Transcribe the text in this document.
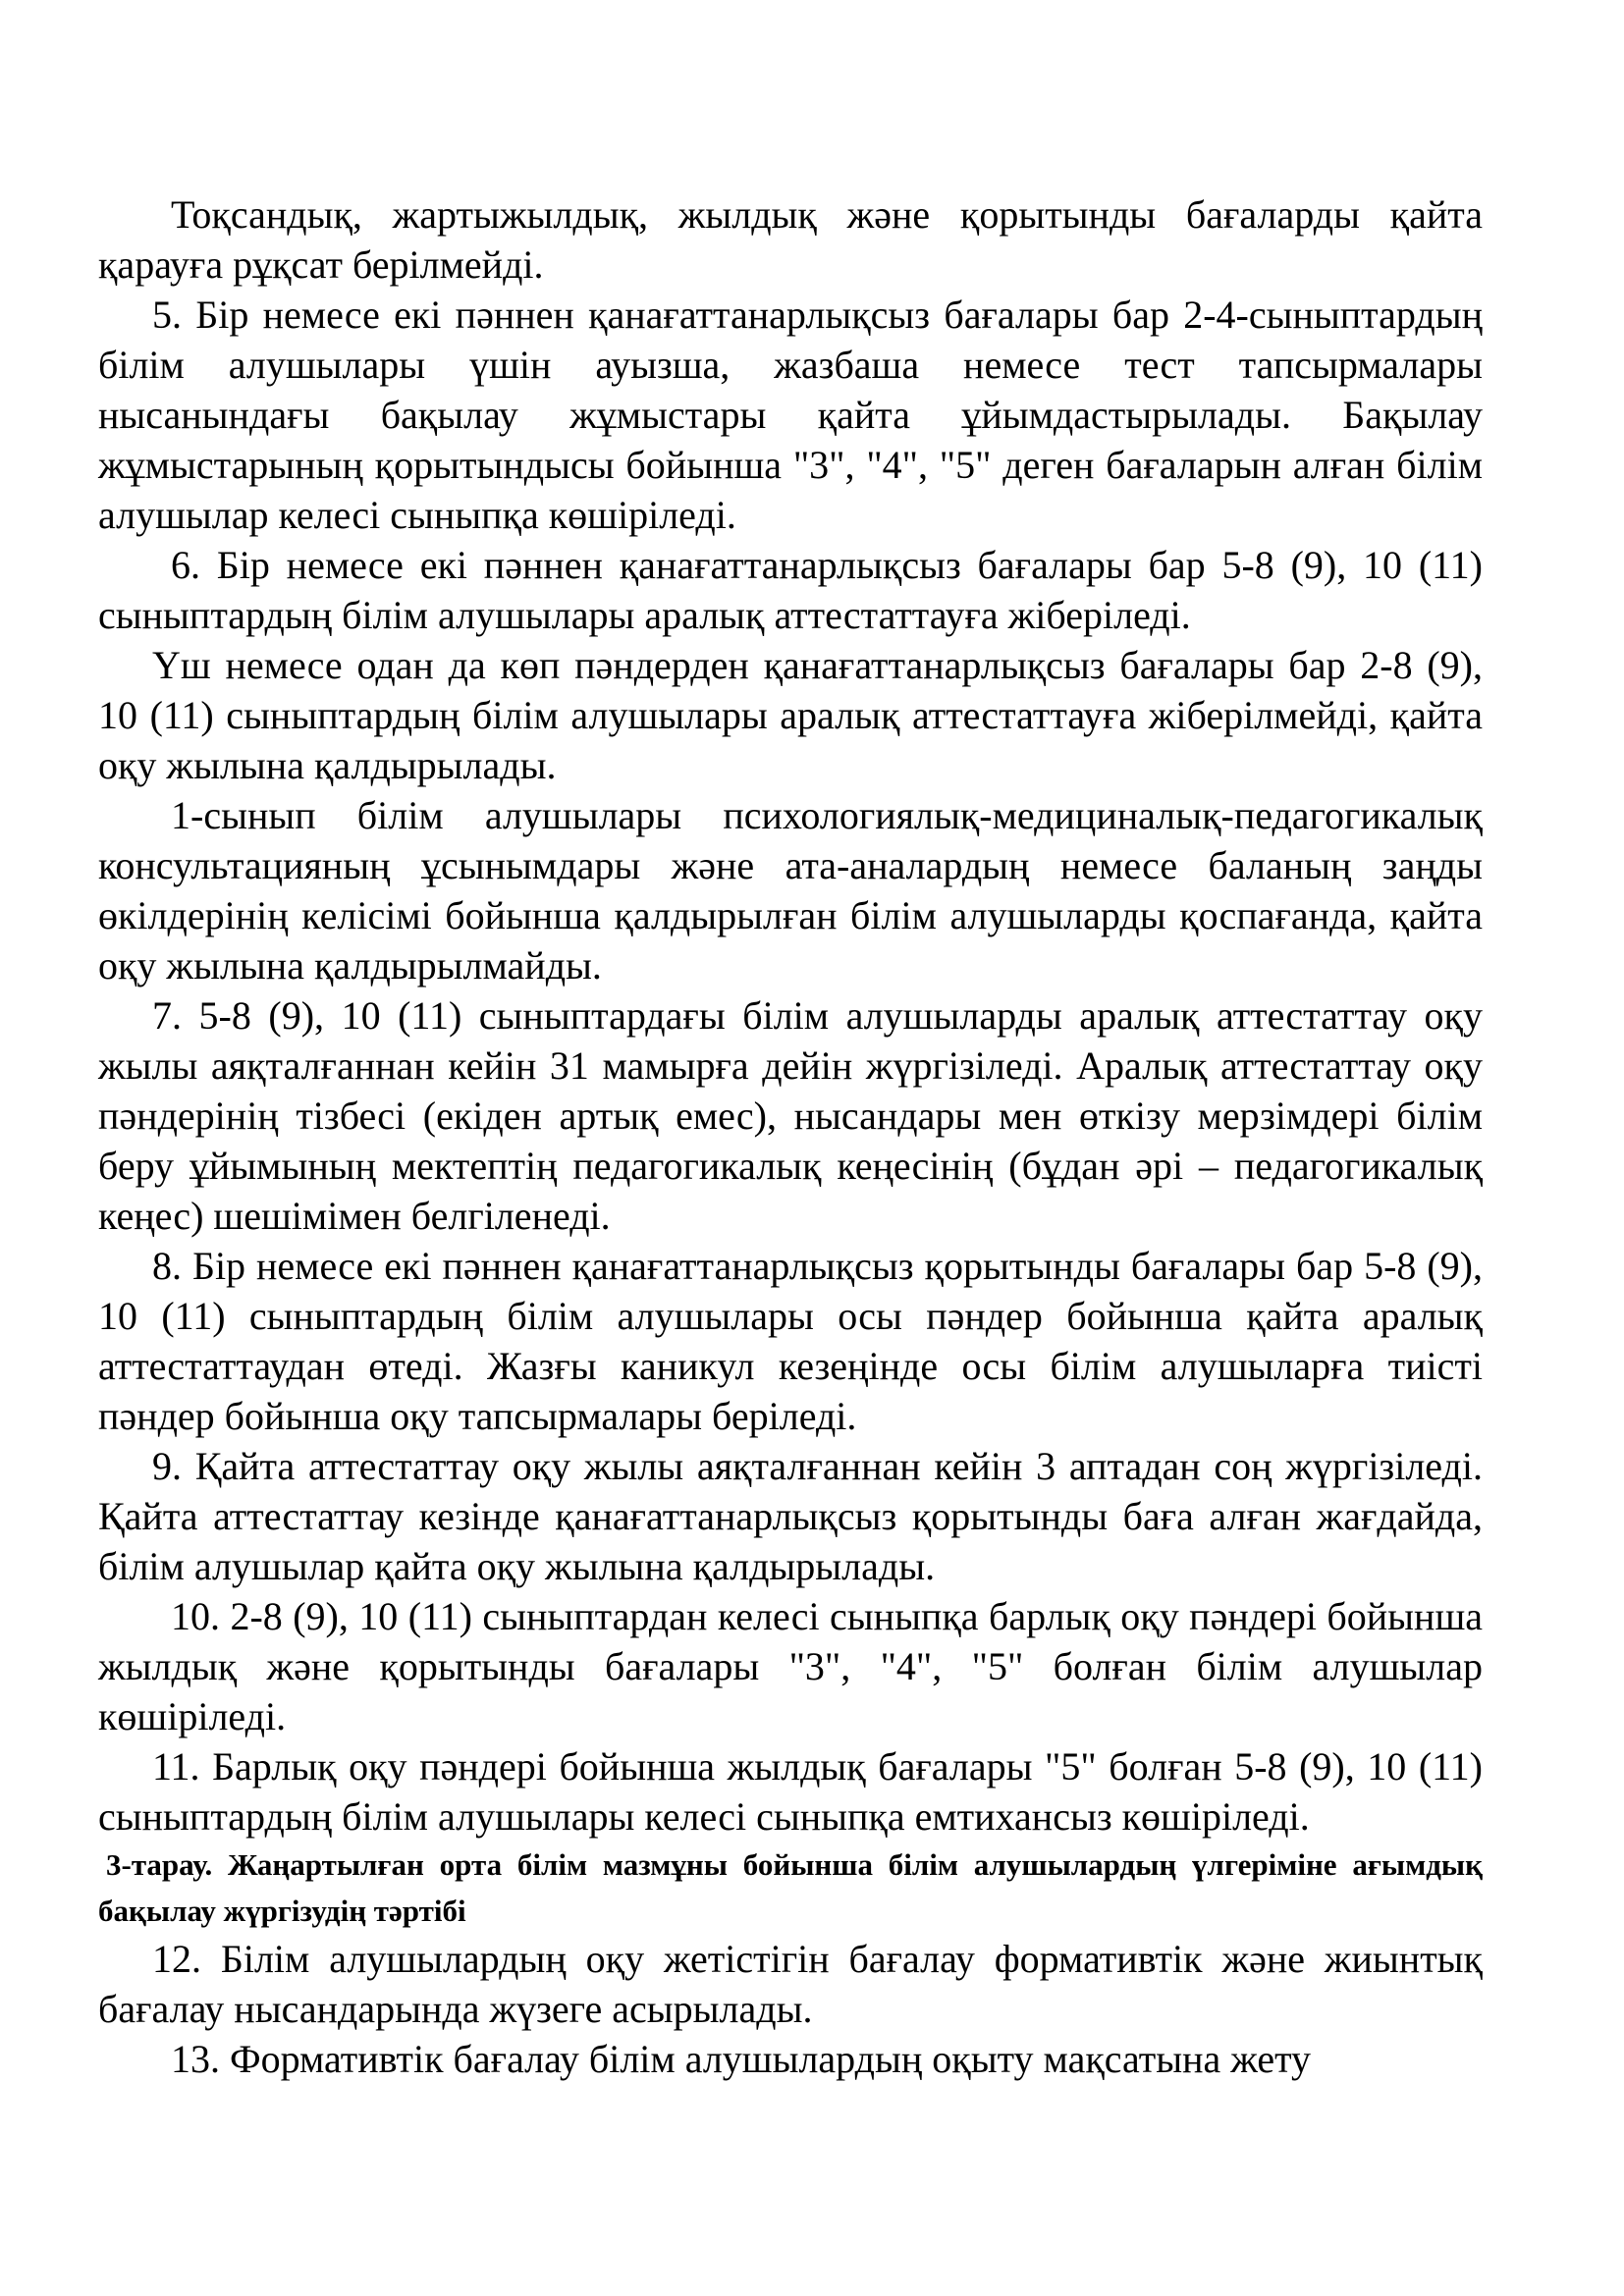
Тоқсандық, жартыжылдық, жылдық және қорытынды бағаларды қайта қарауға рұқсат берілмейді.

5. Бір немесе екі пәннен қанағаттанарлықсыз бағалары бар 2-4-сыныптардың білім алушылары үшін ауызша, жазбаша немесе тест тапсырмалары нысанындағы бақылау жұмыстары қайта ұйымдастырылады. Бақылау жұмыстарының қорытындысы бойынша "3", "4", "5" деген бағаларын алған білім алушылар келесі сыныпқа көшіріледі.

6. Бір немесе екі пәннен қанағаттанарлықсыз бағалары бар 5-8 (9), 10 (11) сыныптардың білім алушылары аралық аттестаттауға жіберіледі.

Үш немесе одан да көп пәндерден қанағаттанарлықсыз бағалары бар 2-8 (9), 10 (11) сыныптардың білім алушылары аралық аттестаттауға жіберілмейді, қайта оқу жылына қалдырылады.

1-сынып білім алушылары психологиялық-медициналық-педагогикалық консультацияның ұсынымдары және ата-аналардың немесе баланың заңды өкілдерінің келісімі бойынша қалдырылған білім алушыларды қоспағанда, қайта оқу жылына қалдырылмайды.

7. 5-8 (9), 10 (11) сыныптардағы білім алушыларды аралық аттестаттау оқу жылы аяқталғаннан кейін 31 мамырға дейін жүргізіледі. Аралық аттестаттау оқу пәндерінің тізбесі (екіден артық емес), нысандары мен өткізу мерзімдері білім беру ұйымының мектептің педагогикалық кеңесінің (бұдан әрі – педагогикалық кеңес) шешімімен белгіленеді.

8. Бір немесе екі пәннен қанағаттанарлықсыз қорытынды бағалары бар 5-8 (9), 10 (11) сыныптардың білім алушылары осы пәндер бойынша қайта аралық аттестаттаудан өтеді. Жазғы каникул кезеңінде осы білім алушыларға тиісті пәндер бойынша оқу тапсырмалары беріледі.

9. Қайта аттестаттау оқу жылы аяқталғаннан кейін 3 аптадан соң жүргізіледі. Қайта аттестаттау кезінде қанағаттанарлықсыз қорытынды баға алған жағдайда, білім алушылар қайта оқу жылына қалдырылады.

10. 2-8 (9), 10 (11) сыныптардан келесі сыныпқа барлық оқу пәндері бойынша жылдық және қорытынды бағалары "3", "4", "5" болған білім алушылар көшіріледі.

11. Барлық оқу пәндері бойынша жылдық бағалары "5" болған 5-8 (9), 10 (11) сыныптардың білім алушылары келесі сыныпқа емтихансыз көшіріледі.

3-тарау. Жаңартылған орта білім мазмұны бойынша білім алушылардың үлгеріміне ағымдық бақылау жүргізудің тәртібі

12. Білім алушылардың оқу жетістігін бағалау формативтік және жиынтық бағалау нысандарында жүзеге асырылады.

13. Формативтік бағалау білім алушылардың оқыту мақсатына жету
